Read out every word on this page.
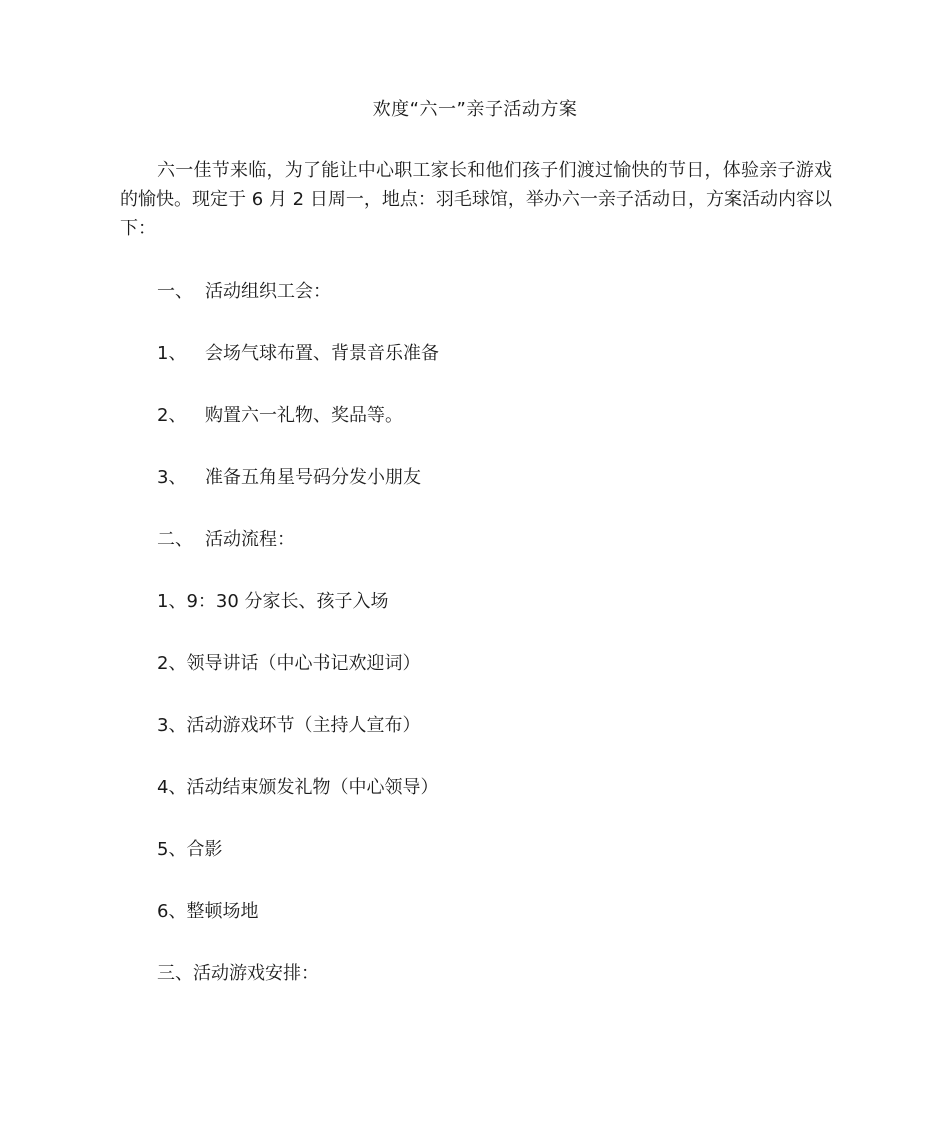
欢度“六一”亲子活动方案
六一佳节来临，为了能让中心职工家长和他们孩子们渡过愉快的节日，体验亲子游戏的愉快。现定于 6 月 2 日周一，地点：羽毛球馆，举办六一亲子活动日，方案活动内容以下：
一、 活动组织工会：
1、 会场气球布置、背景音乐准备
2、 购置六一礼物、奖品等。
3、 准备五角星号码分发小朋友
二、 活动流程：
1、9：30 分家长、孩子入场
2、领导讲话（中心书记欢迎词）
3、活动游戏环节（主持人宣布）
4、活动结束颁发礼物（中心领导）
5、合影
6、整顿场地
三、活动游戏安排：
